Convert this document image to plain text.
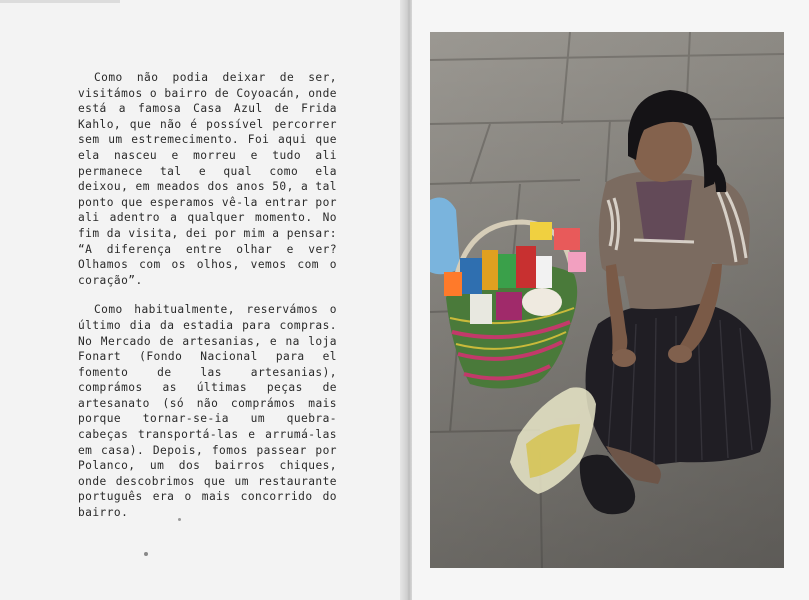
Como não podia deixar de ser, visitámos o bairro de Coyoacán, onde está a famosa Casa Azul de Frida Kahlo, que não é possível percorrer sem um estremecimento. Foi aqui que ela nasceu e morreu e tudo ali permanece tal e qual como ela deixou, em meados dos anos 50, a tal ponto que esperamos vê-la entrar por ali adentro a qualquer momento. No fim da visita, dei por mim a pensar: “A diferença entre olhar e ver? Olhamos com os olhos, vemos com o coração”.

Como habitualmente, reservámos o último dia da estadia para compras. No Mercado de artesanias, e na loja Fonart (Fondo Nacional para el fomento de las artesanias), comprámos as últimas peças de artesanato (só não comprámos mais porque tornar-se-ia um quebra-cabeças transportá-las e arrumá-las em casa). Depois, fomos passear por Polanco, um dos bairros chiques, onde descobrimos que um restaurante português era o mais concorrido do bairro.
